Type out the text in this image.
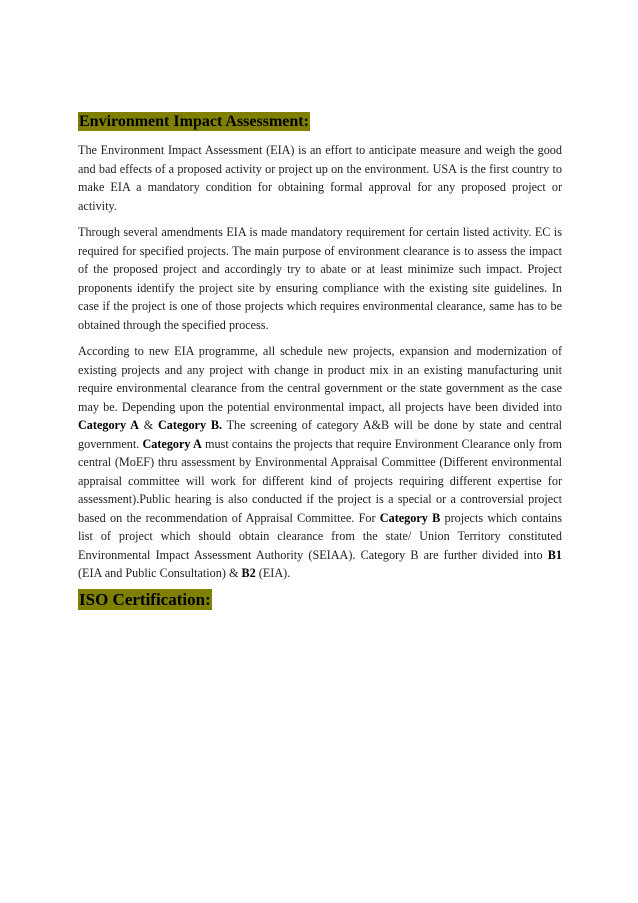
Environment Impact Assessment:

The Environment Impact Assessment (EIA) is an effort to anticipate measure and weigh the good and bad effects of a proposed activity or project up on the environment. USA is the first country to make EIA a mandatory condition for obtaining formal approval for any proposed project or activity.

Through several amendments EIA is made mandatory requirement for certain listed activity. EC is required for specified projects. The main purpose of environment clearance is to assess the impact of the proposed project and accordingly try to abate or at least minimize such impact. Project proponents identify the project site by ensuring compliance with the existing site guidelines. In case if the project is one of those projects which requires environmental clearance, same has to be obtained through the specified process.

According to new EIA programme, all schedule new projects, expansion and modernization of existing projects and any project with change in product mix in an existing manufacturing unit require environmental clearance from the central government or the state government as the case may be. Depending upon the potential environmental impact, all projects have been divided into Category A & Category B. The screening of category A&B will be done by state and central government. Category A must contains the projects that require Environment Clearance only from central (MoEF) thru assessment by Environmental Appraisal Committee (Different environmental appraisal committee will work for different kind of projects requiring different expertise for assessment).Public hearing is also conducted if the project is a special or a controversial project based on the recommendation of Appraisal Committee. For Category B projects which contains list of project which should obtain clearance from the state/ Union Territory constituted Environmental Impact Assessment Authority (SEIAA). Category B are further divided into B1 (EIA and Public Consultation) & B2 (EIA).

ISO Certification:
